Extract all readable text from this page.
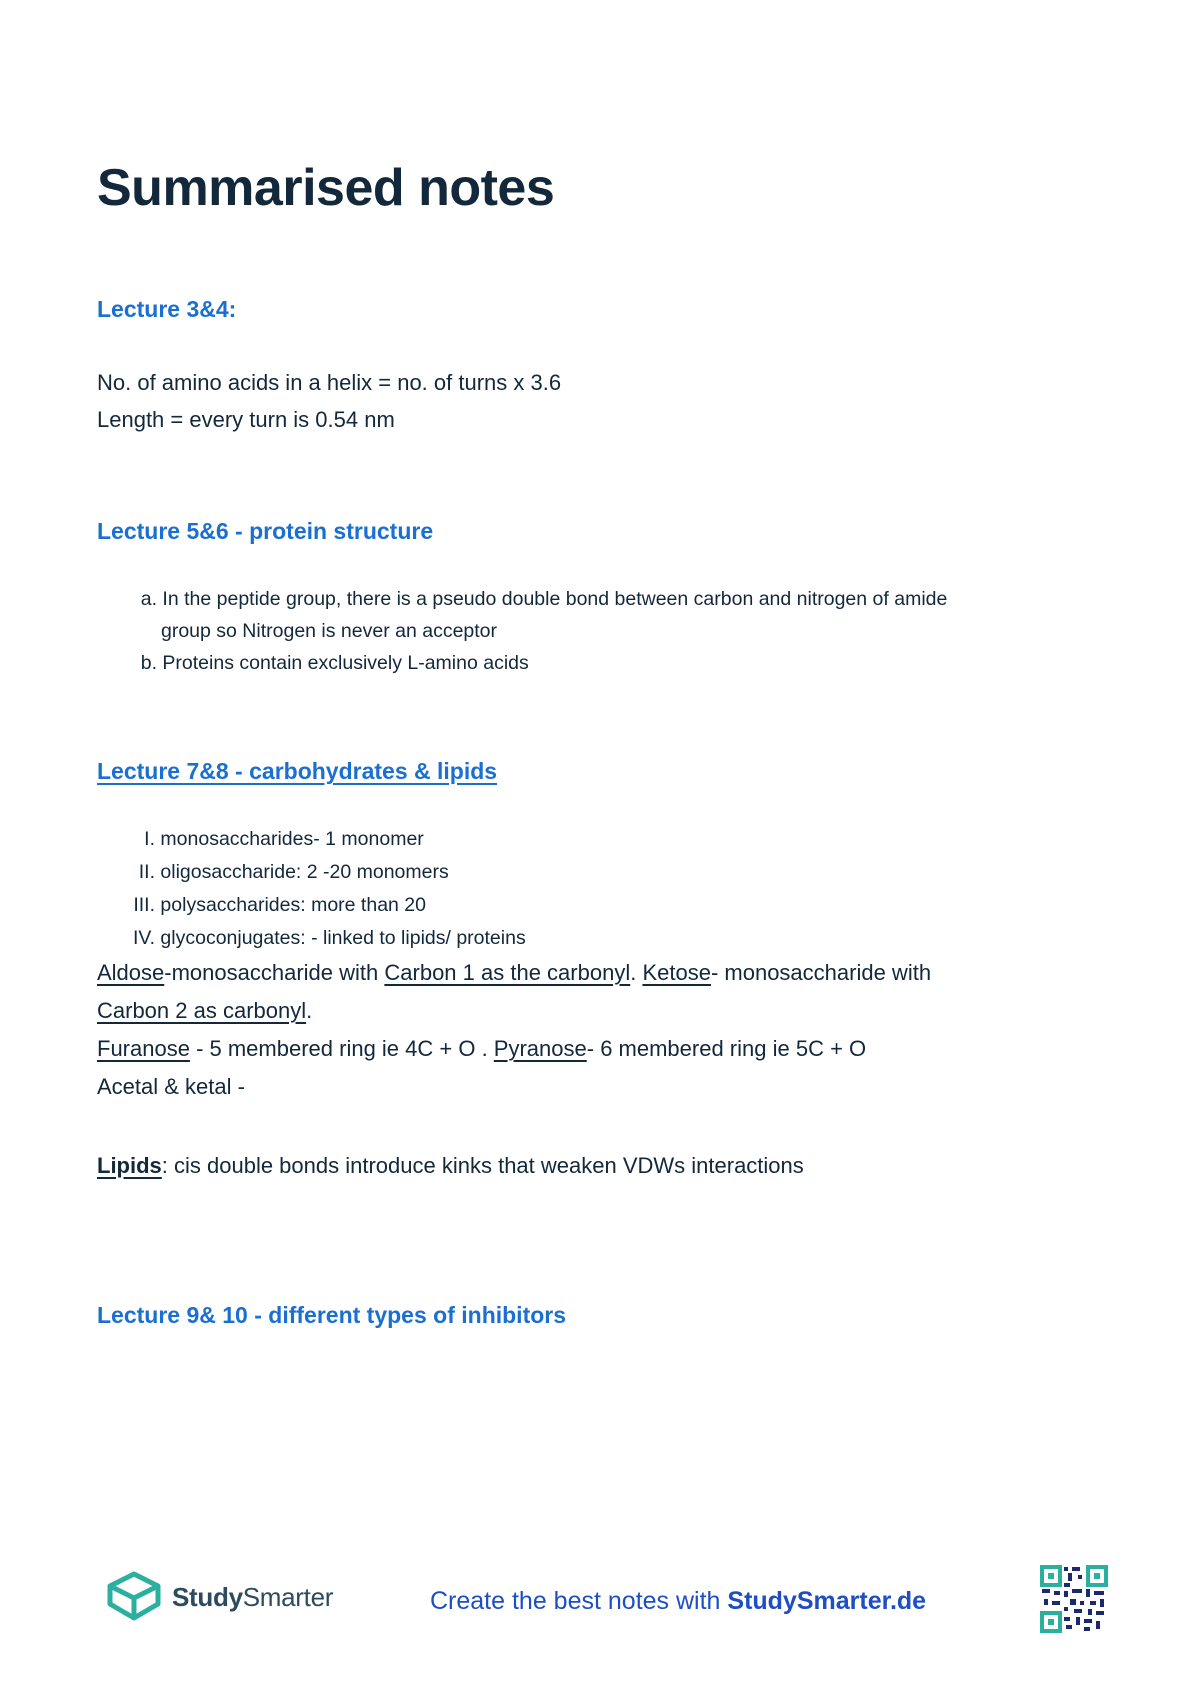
Summarised notes
Lecture 3&4:

No. of amino acids in a helix = no. of turns x 3.6

Length = every turn is 0.54 nm

Lecture 5&6 - protein structure

a. In the peptide group, there is a pseudo double bond between carbon and nitrogen of amide

group so Nitrogen is never an acceptor

b. Proteins contain exclusively L-amino acids

Lecture 7&8 - carbohydrates & lipids

I. monosaccharides- 1 monomer

II. oligosaccharide: 2 -20 monomers

III. polysaccharides: more than 20

IV. glycoconjugates: - linked to lipids/ proteins

Aldose-monosaccharide with Carbon 1 as the carbonyl. Ketose- monosaccharide with

Carbon 2 as carbonyl.

Furanose - 5 membered ring ie 4C + O . Pyranose- 6 membered ring ie 5C + O

Acetal & ketal -

Lipids: cis double bonds introduce kinks that weaken VDWs interactions

Lecture 9& 10 - different types of inhibitors
StudySmarter	Create the best notes with StudySmarter.de
